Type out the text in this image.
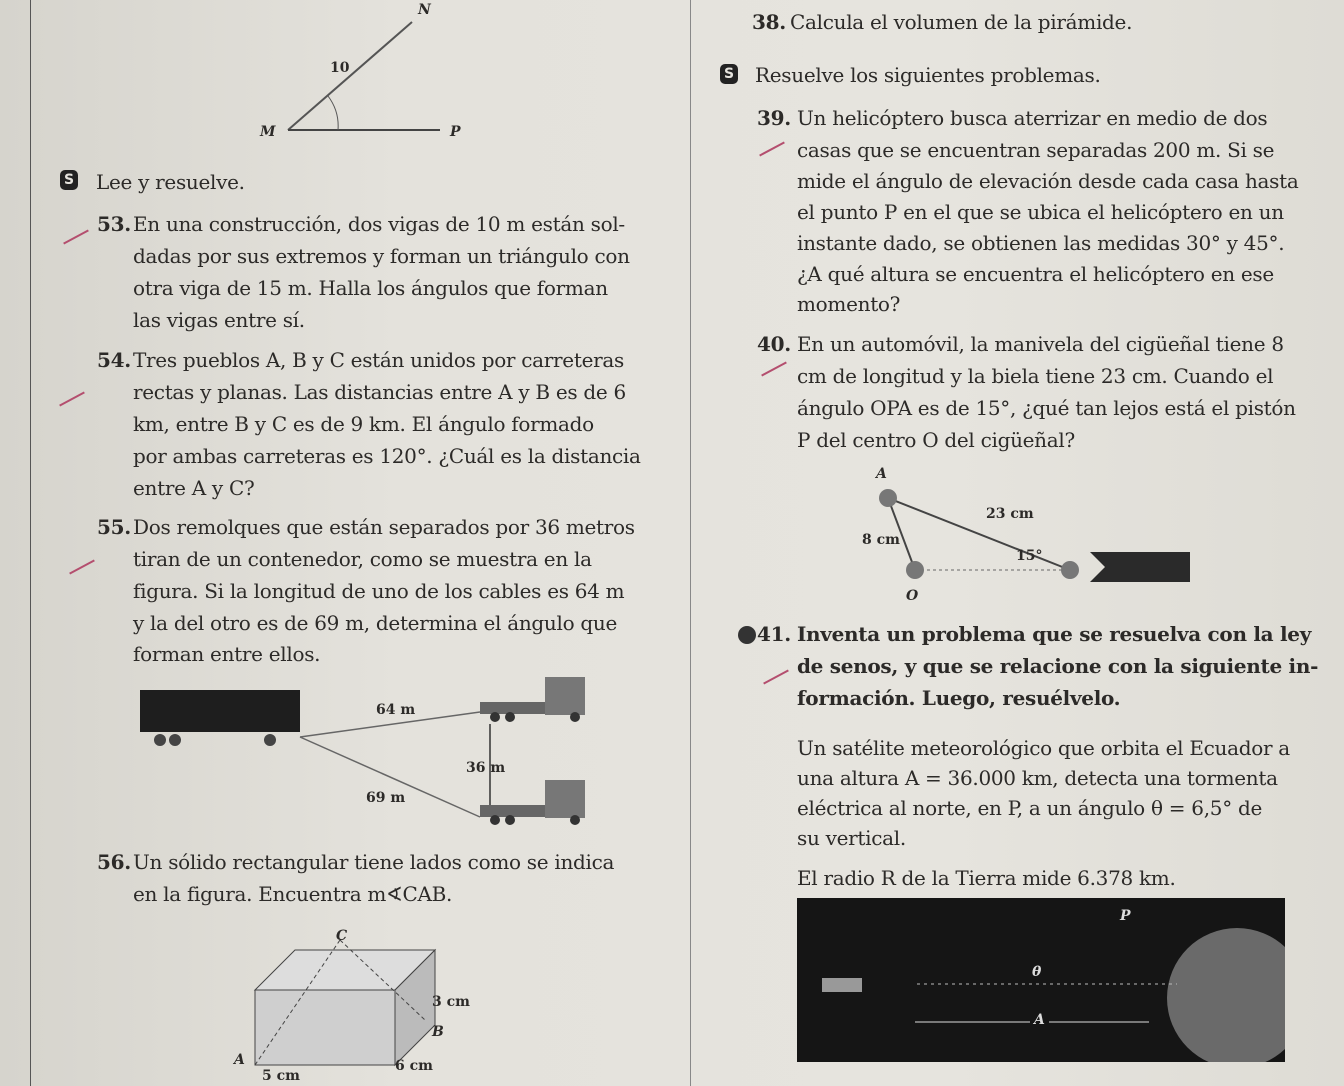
N
10
M	P
S Lee y resuelve.
53. En una construcción, dos vigas de 10 m están sol-
dadas por sus extremos y forman un triángulo con
otra viga de 15 m. Halla los ángulos que forman
las vigas entre sí.
54. Tres pueblos A, B y C están unidos por carreteras
rectas y planas. Las distancias entre A y B es de 6
km, entre B y C es de 9 km. El ángulo formado
por ambas carreteras es 120°. ¿Cuál es la distancia
entre A y C?
55. Dos remolques que están separados por 36 metros
tiran de un contenedor, como se muestra en la
figura. Si la longitud de uno de los cables es 64 m
y la del otro es de 69 m, determina el ángulo que
forman entre ellos.
64 m
36 m
69 m
56. Un sólido rectangular tiene lados como se indica
en la figura. Encuentra m∢CAB.
C
B
A
3 cm
6 cm
5 cm
38. Calcula el volumen de la pirámide.
S Resuelve los siguientes problemas.
39. Un helicóptero busca aterrizar en medio de dos
casas que se encuentran separadas 200 m. Si se
mide el ángulo de elevación desde cada casa hasta
el punto P en el que se ubica el helicóptero en un
instante dado, se obtienen las medidas 30° y 45°.
¿A qué altura se encuentra el helicóptero en ese
momento?
40. En un automóvil, la manivela del cigüeñal tiene 8
cm de longitud y la biela tiene 23 cm. Cuando el
ángulo OPA es de 15°, ¿qué tan lejos está el pistón
P del centro O del cigüeñal?
A
23 cm
8 cm
15°
O
41. Inventa un problema que se resuelva con la ley
de senos, y que se relacione con la siguiente in-
formación. Luego, resuélvelo.
Un satélite meteorológico que orbita el Ecuador a
una altura A = 36.000 km, detecta una tormenta
eléctrica al norte, en P, a un ángulo θ = 6,5° de
su vertical.
El radio R de la Tierra mide 6.378 km.
P
θ
A
